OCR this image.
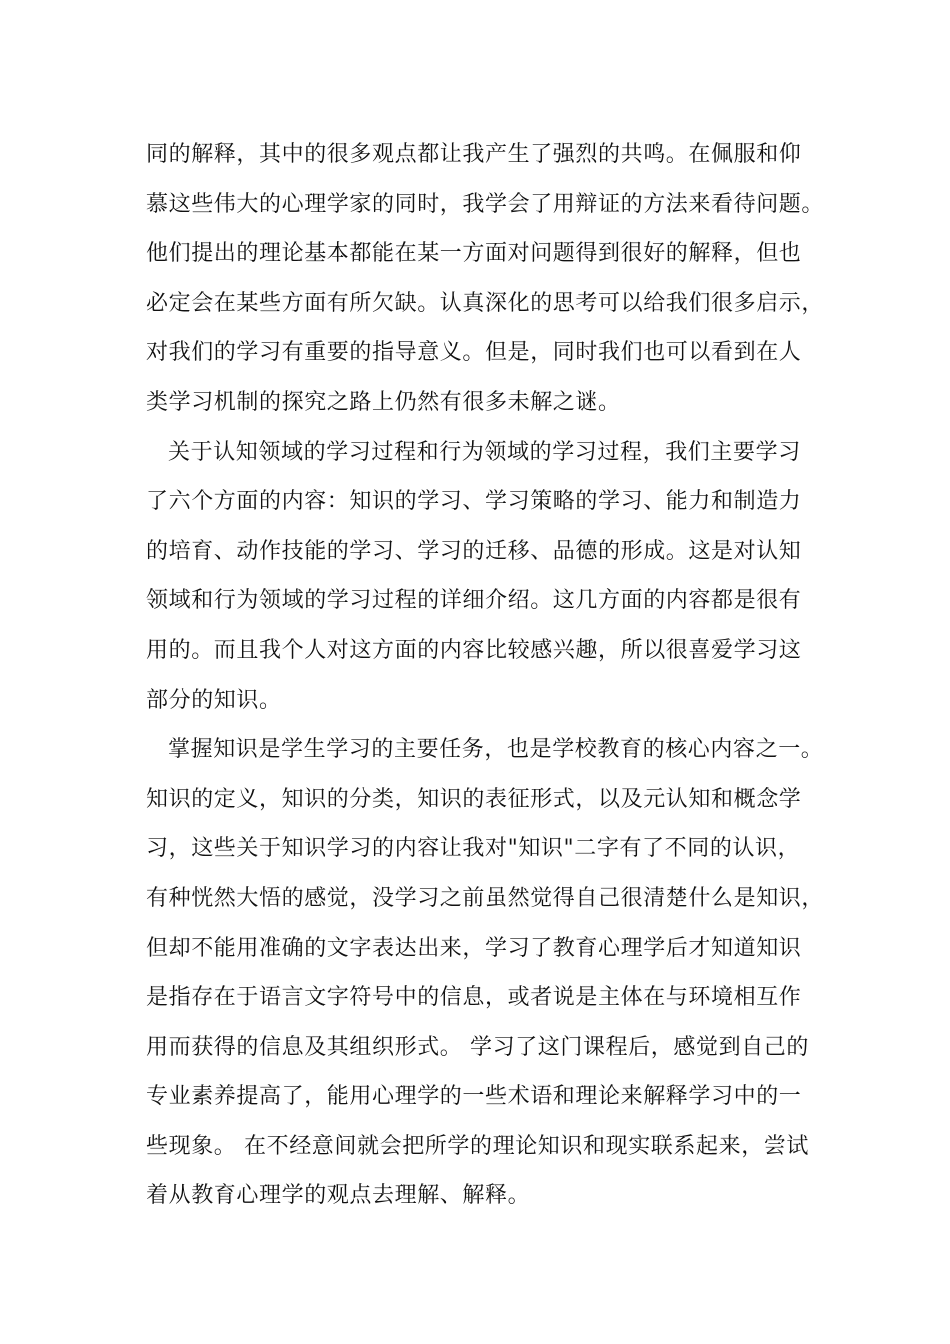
同的解释，其中的很多观点都让我产生了强烈的共鸣。在佩服和仰
慕这些伟大的心理学家的同时，我学会了用辩证的方法来看待问题。
他们提出的理论基本都能在某一方面对问题得到很好的解释，但也
必定会在某些方面有所欠缺。认真深化的思考可以给我们很多启示，
对我们的学习有重要的指导意义。但是，同时我们也可以看到在人
类学习机制的探究之路上仍然有很多未解之谜。
关于认知领域的学习过程和行为领域的学习过程，我们主要学习
了六个方面的内容：知识的学习、学习策略的学习、能力和制造力
的培育、动作技能的学习、学习的迁移、品德的形成。这是对认知
领域和行为领域的学习过程的详细介绍。这几方面的内容都是很有
用的。而且我个人对这方面的内容比较感兴趣，所以很喜爱学习这
部分的知识。
掌握知识是学生学习的主要任务，也是学校教育的核心内容之一。
知识的定义，知识的分类，知识的表征形式，以及元认知和概念学
习，这些关于知识学习的内容让我对"知识"二字有了不同的认识，
有种恍然大悟的感觉，没学习之前虽然觉得自己很清楚什么是知识，
但却不能用准确的文字表达出来，学习了教育心理学后才知道知识
是指存在于语言文字符号中的信息，或者说是主体在与环境相互作
用而获得的信息及其组织形式。 学习了这门课程后，感觉到自己的
专业素养提高了，能用心理学的一些术语和理论来解释学习中的一
些现象。 在不经意间就会把所学的理论知识和现实联系起来，尝试
着从教育心理学的观点去理解、解释。
